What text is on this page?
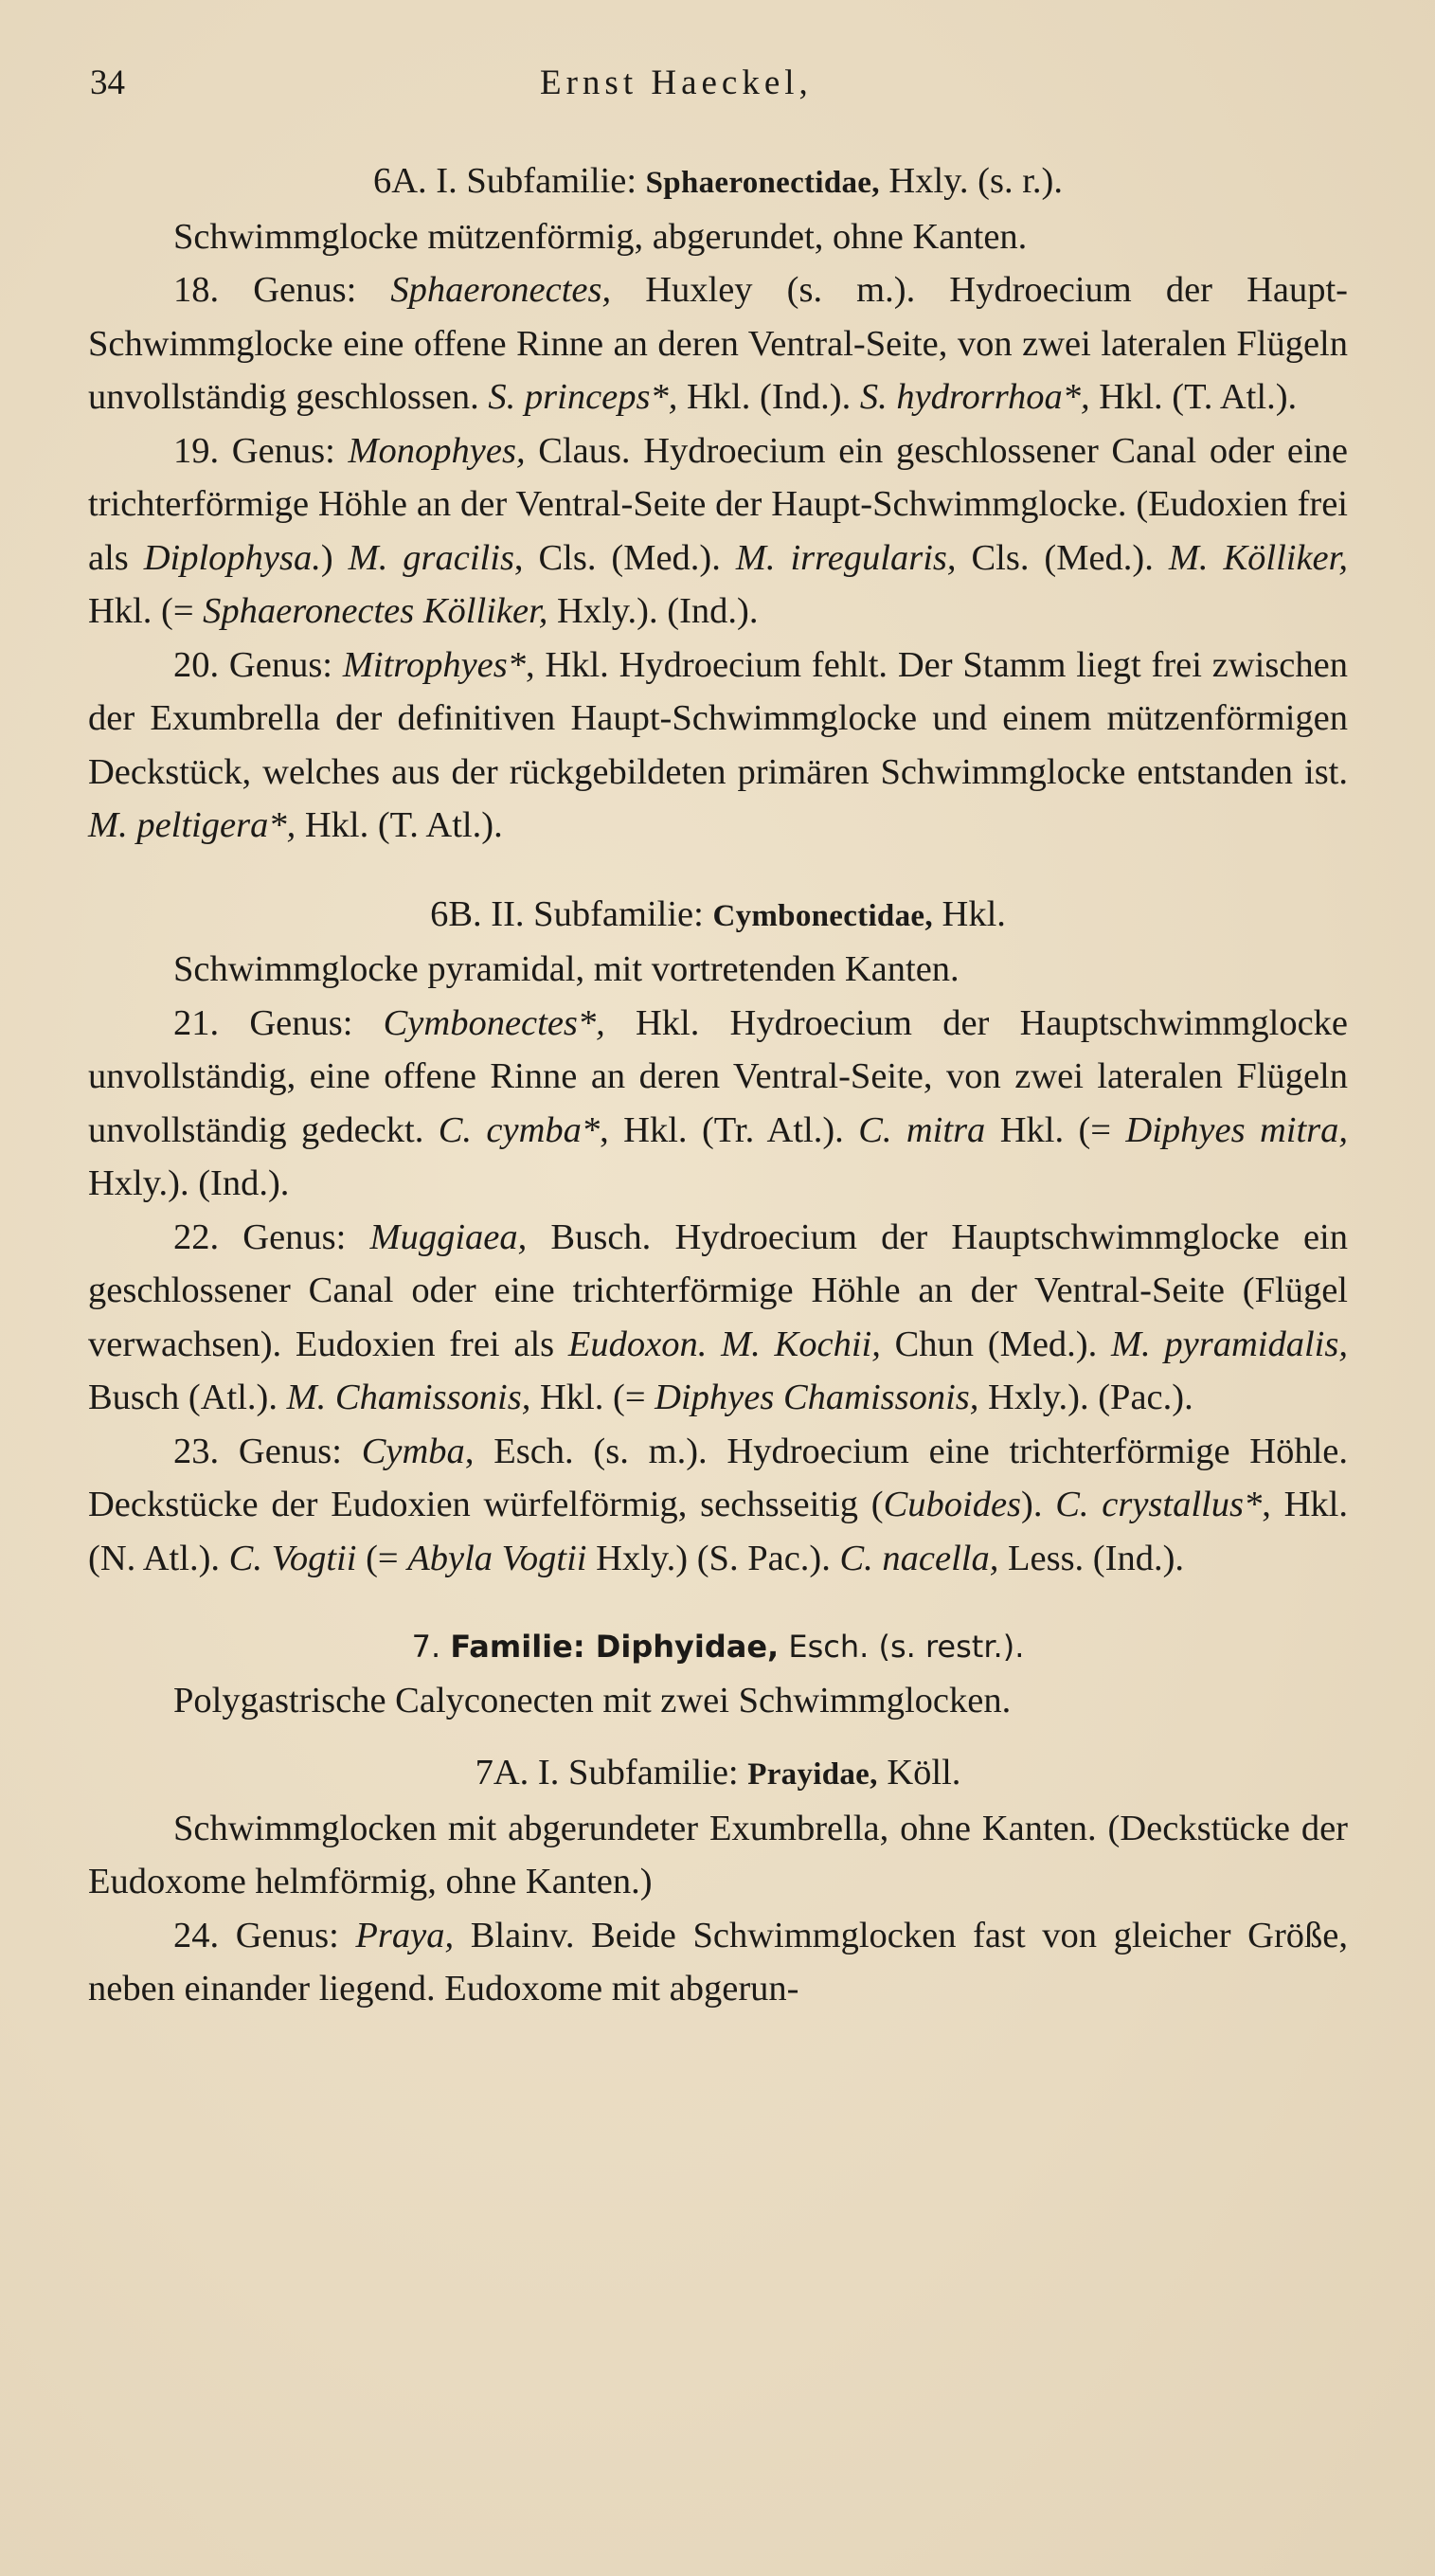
34	Ernst Haeckel,

6A. I. Subfamilie: Sphaeronectidae, Hxly. (s. r.).

Schwimmglocke mützenförmig, abgerundet, ohne Kanten.

18. Genus: Sphaeronectes, Huxley (s. m.). Hydroecium der Haupt-Schwimmglocke eine offene Rinne an deren Ventral-Seite, von zwei lateralen Flügeln unvollständig geschlossen. S. princeps*, Hkl. (Ind.). S. hydrorrhoa*, Hkl. (T. Atl.).

19. Genus: Monophyes, Claus. Hydroecium ein geschlossener Canal oder eine trichterförmige Höhle an der Ventral-Seite der Haupt-Schwimmglocke. (Eudoxien frei als Diplophysa.) M. gracilis, Cls. (Med.). M. irregularis, Cls. (Med.). M. Kölliker, Hkl. (= Sphaeronectes Kölliker, Hxly.). (Ind.).

20. Genus: Mitrophyes*, Hkl. Hydroecium fehlt. Der Stamm liegt frei zwischen der Exumbrella der definitiven Haupt-Schwimmglocke und einem mützenförmigen Deckstück, welches aus der rückgebildeten primären Schwimmglocke entstanden ist. M. peltigera*, Hkl. (T. Atl.).

6B. II. Subfamilie: Cymbonectidae, Hkl.

Schwimmglocke pyramidal, mit vortretenden Kanten.

21. Genus: Cymbonectes*, Hkl. Hydroecium der Hauptschwimmglocke unvollständig, eine offene Rinne an deren Ventral-Seite, von zwei lateralen Flügeln unvollständig gedeckt. C. cymba*, Hkl. (Tr. Atl.). C. mitra Hkl. (= Diphyes mitra, Hxly.). (Ind.).

22. Genus: Muggiaea, Busch. Hydroecium der Hauptschwimmglocke ein geschlossener Canal oder eine trichterförmige Höhle an der Ventral-Seite (Flügel verwachsen). Eudoxien frei als Eudoxon. M. Kochii, Chun (Med.). M. pyramidalis, Busch (Atl.). M. Chamissonis, Hkl. (= Diphyes Chamissonis, Hxly.). (Pac.).

23. Genus: Cymba, Esch. (s. m.). Hydroecium eine trichterförmige Höhle. Deckstücke der Eudoxien würfelförmig, sechsseitig (Cuboides). C. crystallus*, Hkl. (N. Atl.). C. Vogtii (= Abyla Vogtii Hxly.) (S. Pac.). C. nacella, Less. (Ind.).

7. Familie: Diphyidae, Esch. (s. restr.).

Polygastrische Calyconecten mit zwei Schwimmglocken.

7A. I. Subfamilie: Prayidae, Köll.

Schwimmglocken mit abgerundeter Exumbrella, ohne Kanten. (Deckstücke der Eudoxome helmförmig, ohne Kanten.)

24. Genus: Praya, Blainv. Beide Schwimmglocken fast von gleicher Größe, neben einander liegend. Eudoxome mit abgerun-
